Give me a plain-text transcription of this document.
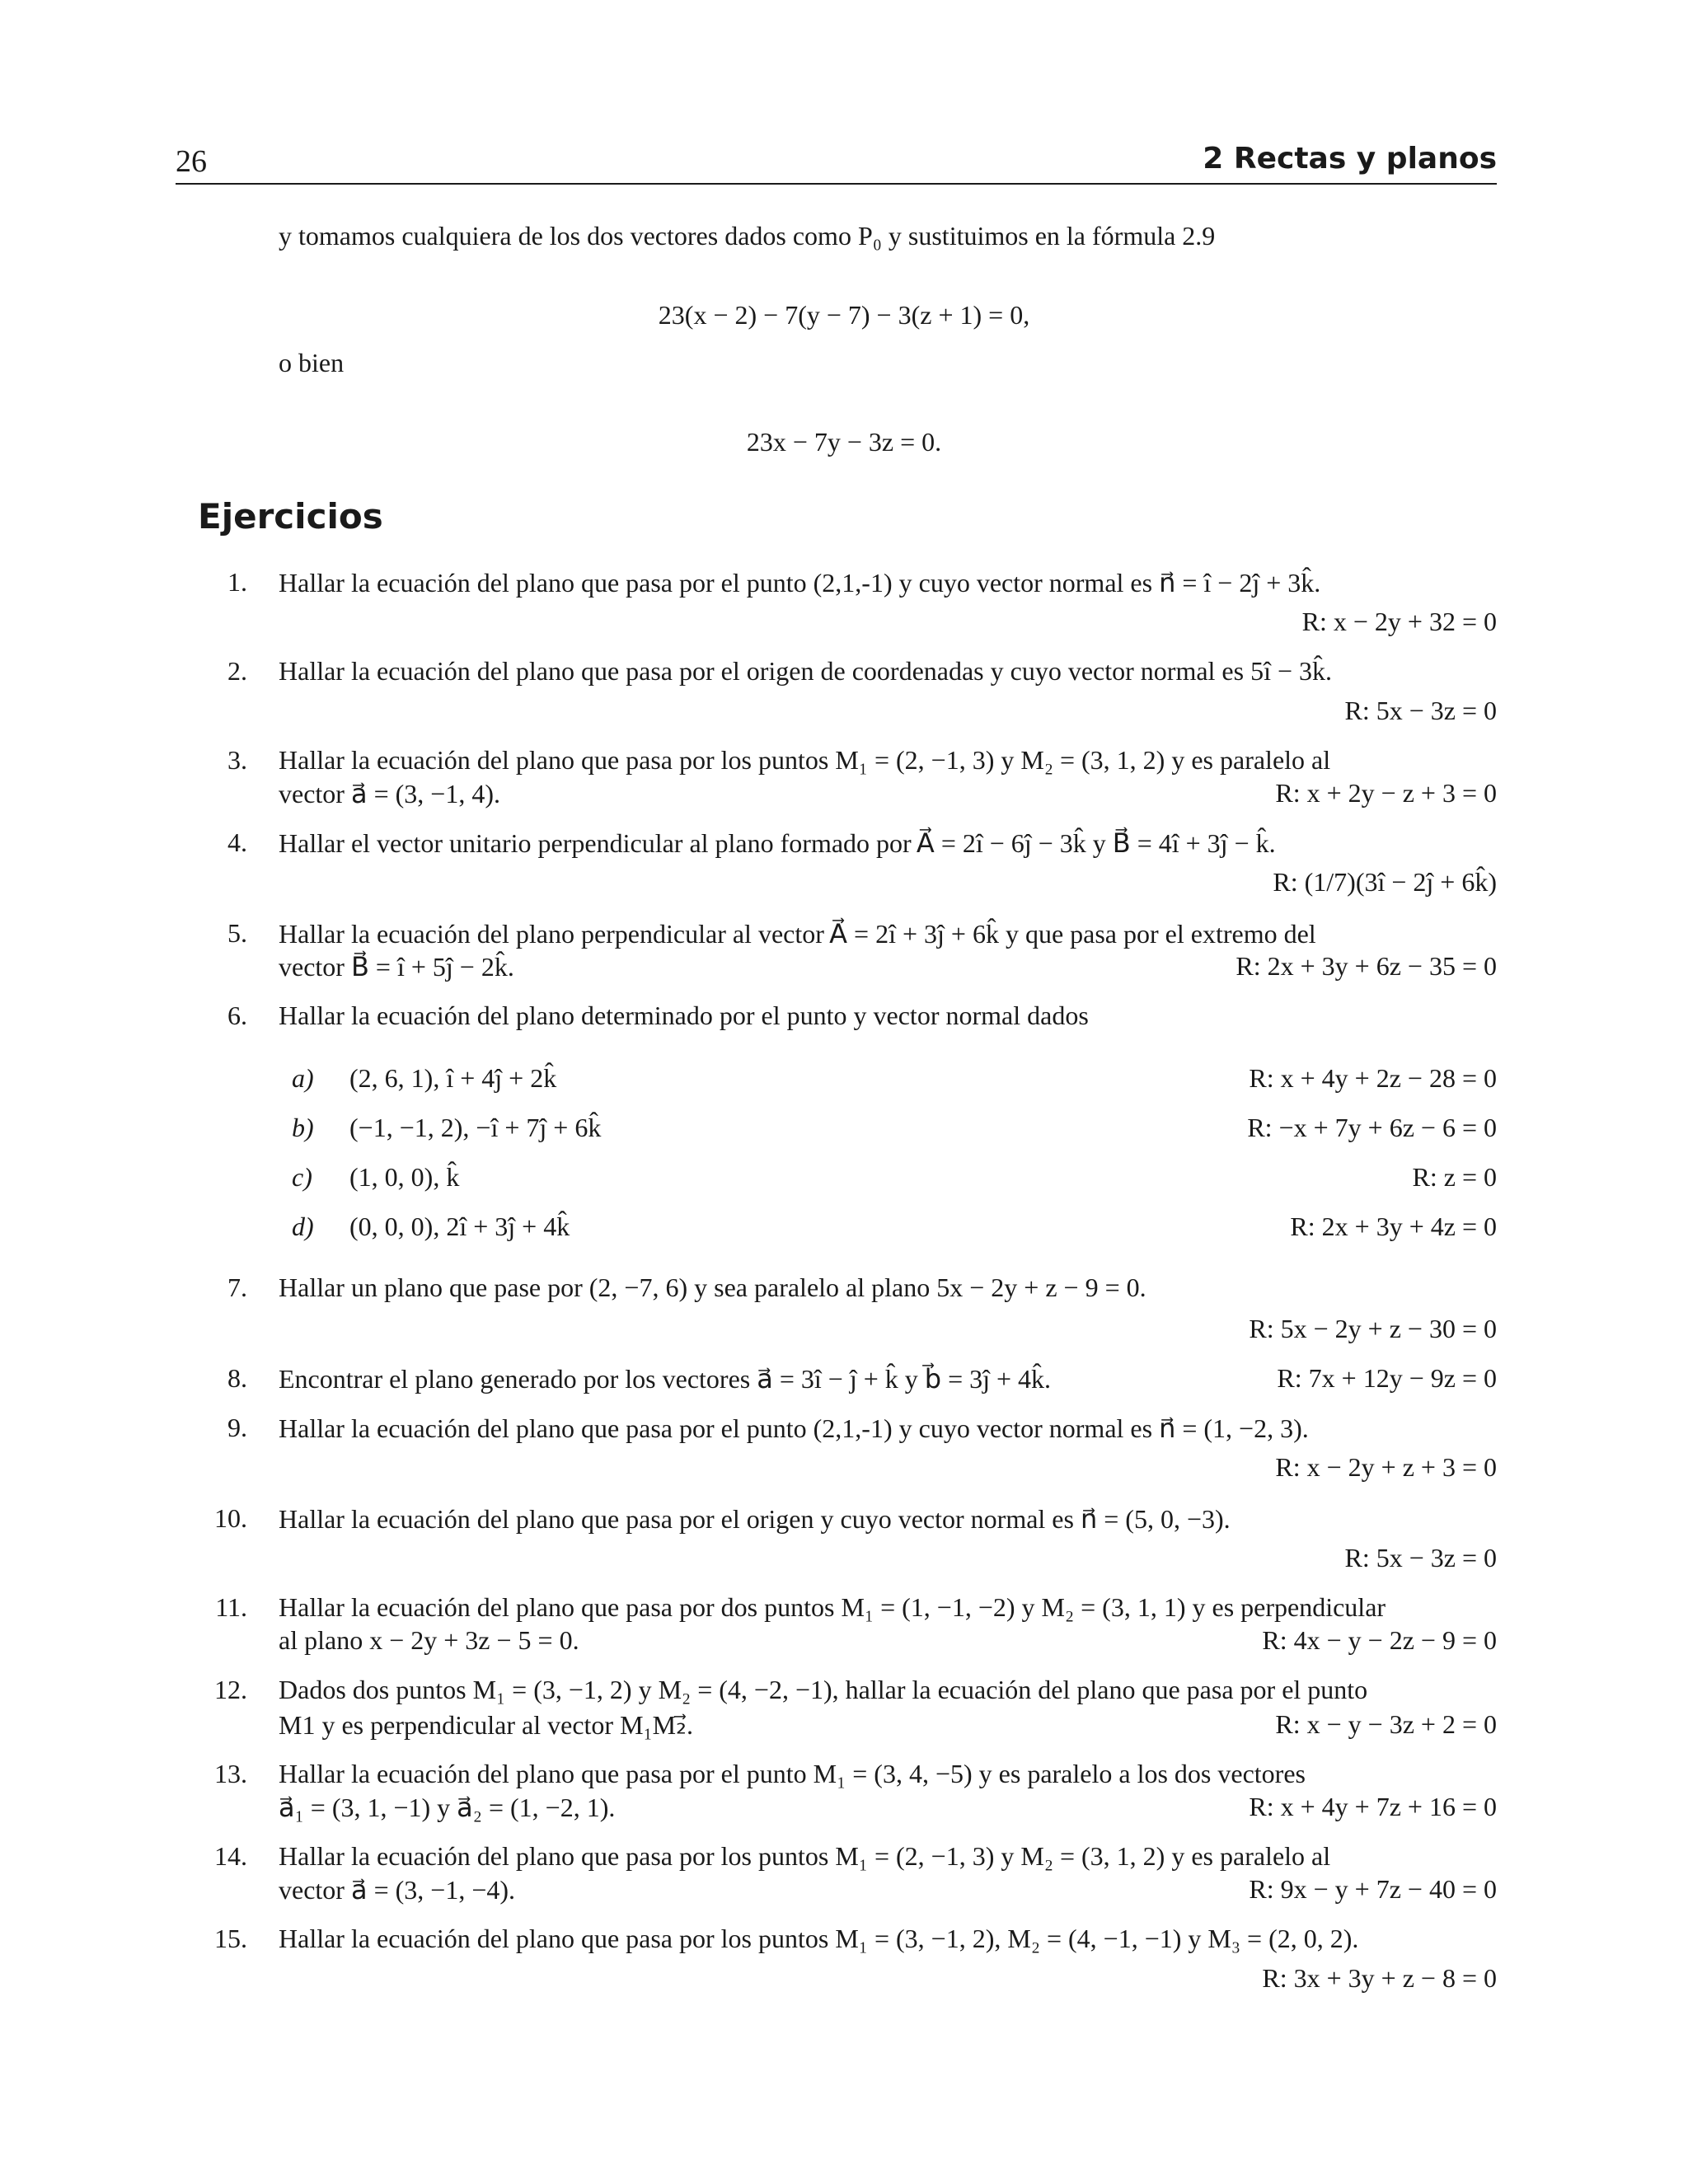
26	2 Rectas y planos
y tomamos cualquiera de los dos vectores dados como P₀ y sustituimos en la fórmula 2.9
23(x − 2) − 7(y − 7) − 3(z + 1) = 0,
o bien
23x − 7y − 3z = 0.
Ejercicios
1. Hallar la ecuación del plano que pasa por el punto (2,1,-1) y cuyo vector normal es n⃗ = î − 2ĵ + 3k̂.
R: x − 2y + 32 = 0
2. Hallar la ecuación del plano que pasa por el origen de coordenadas y cuyo vector normal es 5î − 3k̂.
R: 5x − 3z = 0
3. Hallar la ecuación del plano que pasa por los puntos M₁ = (2, −1, 3) y M₂ = (3, 1, 2) y es paralelo al
vector a⃗ = (3, −1, 4).	R: x + 2y − z + 3 = 0
4. Hallar el vector unitario perpendicular al plano formado por A⃗ = 2î − 6ĵ − 3k̂ y B⃗ = 4î + 3ĵ − k̂.
R: (1/7)(3î − 2ĵ + 6k̂)
5. Hallar la ecuación del plano perpendicular al vector A⃗ = 2î + 3ĵ + 6k̂ y que pasa por el extremo del
vector B⃗ = î + 5ĵ − 2k̂.	R: 2x + 3y + 6z − 35 = 0
6. Hallar la ecuación del plano determinado por el punto y vector normal dados
a) (2, 6, 1), î + 4ĵ + 2k̂	R: x + 4y + 2z − 28 = 0
b) (−1, −1, 2), −î + 7ĵ + 6k̂	R: −x + 7y + 6z − 6 = 0
c) (1, 0, 0), k̂	R: z = 0
d) (0, 0, 0), 2î + 3ĵ + 4k̂	R: 2x + 3y + 4z = 0
7. Hallar un plano que pase por (2, −7, 6) y sea paralelo al plano 5x − 2y + z − 9 = 0.
R: 5x − 2y + z − 30 = 0
8. Encontrar el plano generado por los vectores a⃗ = 3î − ĵ + k̂ y b⃗ = 3ĵ + 4k̂.	R: 7x + 12y − 9z = 0
9. Hallar la ecuación del plano que pasa por el punto (2,1,-1) y cuyo vector normal es n⃗ = (1, −2, 3).
R: x − 2y + z + 3 = 0
10. Hallar la ecuación del plano que pasa por el origen y cuyo vector normal es n⃗ = (5, 0, −3).
R: 5x − 3z = 0
11. Hallar la ecuación del plano que pasa por dos puntos M₁ = (1, −1, −2) y M₂ = (3, 1, 1) y es perpendicular
al plano x − 2y + 3z − 5 = 0.	R: 4x − y − 2z − 9 = 0
12. Dados dos puntos M₁ = (3, −1, 2) y M₂ = (4, −2, −1), hallar la ecuación del plano que pasa por el punto
M1 y es perpendicular al vector M₁M₂⃗.	R: x − y − 3z + 2 = 0
13. Hallar la ecuación del plano que pasa por el punto M₁ = (3, 4, −5) y es paralelo a los dos vectores
a⃗₁ = (3, 1, −1) y a⃗₂ = (1, −2, 1).	R: x + 4y + 7z + 16 = 0
14. Hallar la ecuación del plano que pasa por los puntos M₁ = (2, −1, 3) y M₂ = (3, 1, 2) y es paralelo al
vector a⃗ = (3, −1, −4).	R: 9x − y + 7z − 40 = 0
15. Hallar la ecuación del plano que pasa por los puntos M₁ = (3, −1, 2), M₂ = (4, −1, −1) y M₃ = (2, 0, 2).
R: 3x + 3y + z − 8 = 0
